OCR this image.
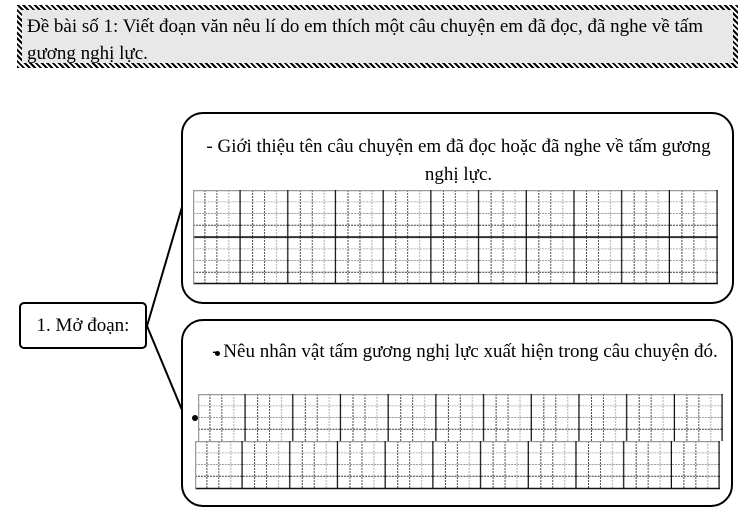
Đề bài số 1: Viết đoạn văn nêu lí do em thích một câu chuyện em đã đọc, đã nghe về tấm gương nghị lực.
1. Mở đoạn:
- Giới thiệu tên câu chuyện em đã đọc hoặc đã nghe về tấm gương nghị lực.
- Nêu nhân vật tấm gương nghị lực xuất hiện trong câu chuyện đó.
